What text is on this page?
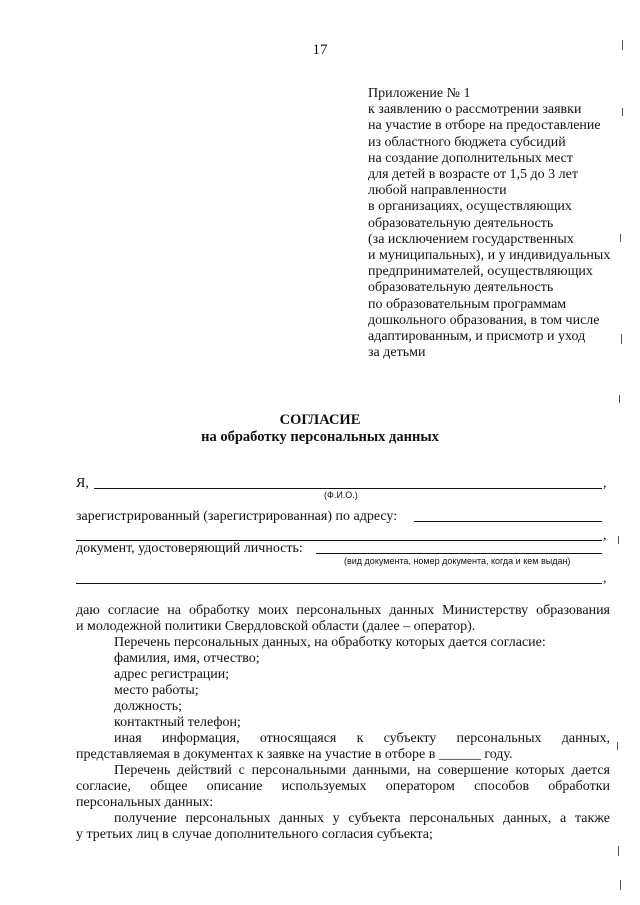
17
Приложение № 1
к заявлению о рассмотрении заявки
на участие в отборе на предоставление
из областного бюджета субсидий
на создание дополнительных мест
для детей в возрасте от 1,5 до 3 лет
любой направленности
в организациях, осуществляющих
образовательную деятельность
(за исключением государственных
и муниципальных), и у индивидуальных
предпринимателей, осуществляющих
образовательную деятельность
по образовательным программам
дошкольного образования, в том числе
адаптированным, и присмотр и уход
за детьми
СОГЛАСИЕ
на обработку персональных данных
Я,	,
(Ф.И.О.)
зарегистрированный (зарегистрированная) по адресу:
,
документ, удостоверяющий личность:
(вид документа, номер документа, когда и кем выдан)
,
даю согласие на обработку моих персональных данных Министерству образования
и молодежной политики Свердловской области (далее – оператор).
Перечень персональных данных, на обработку которых дается согласие:
фамилия, имя, отчество;
адрес регистрации;
место работы;
должность;
контактный телефон;
иная информация, относящаяся к субъекту персональных данных,
представляемая в документах к заявке на участие в отборе в ______ году.
Перечень действий с персональными данными, на совершение которых дается
согласие, общее описание используемых оператором способов обработки
персональных данных:
получение персональных данных у субъекта персональных данных, а также
у третьих лиц в случае дополнительного согласия субъекта;
